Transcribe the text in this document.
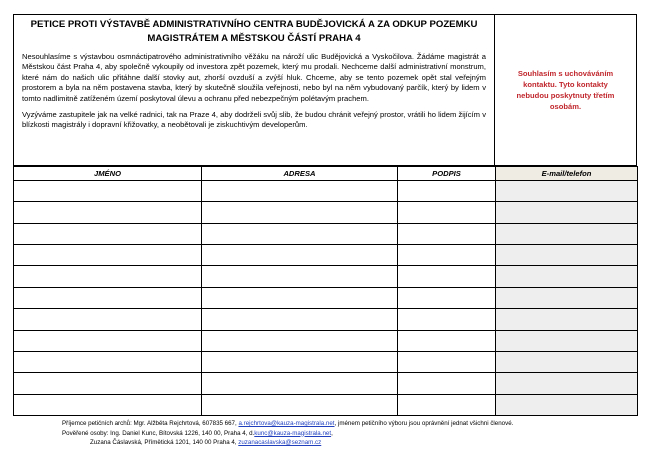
PETICE PROTI VÝSTAVBĚ ADMINISTRATIVNÍHO CENTRA BUDĚJOVICKÁ A ZA ODKUP POZEMKU
MAGISTRÁTEM A MĚSTSKOU ČÁSTÍ PRAHA 4

Nesouhlasíme s výstavbou osmnáctipatrového administrativního věžáku na nároží ulic Budějovická a Vyskočilova. Žádáme magistrát a Městskou část Praha 4, aby společně vykoupily od investora zpět pozemek, který mu prodali. Nechceme další administrativní monstrum, které nám do našich ulic přitáhne další stovky aut, zhorší ovzduší a zvýší hluk. Chceme, aby se tento pozemek opět stal veřejným prostorem a byla na něm postavena stavba, který by skutečně sloužila veřejnosti, nebo byl na něm vybudovaný parčík, který by lidem v tomto nadlimitně zatíženém území poskytoval úlevu a ochranu před nebezpečným polétavým prachem.

Vyzýváme zastupitele jak na velké radnici, tak na Praze 4, aby dodrželi svůj slib, že budou chránit veřejný prostor, vrátili ho lidem žijícím v blízkosti magistrály i dopravní křižovatky, a neobětovali je ziskuchtivým developerům.

Souhlasím s uchováváním kontaktu. Tyto kontakty nebudou poskytnuty třetím osobám.

JMÉNO	ADRESA	PODPIS	E-mail/telefon

Příjemce petičních archů: Mgr. Alžběta Rejchrtová, 607835 667, a.rejchrtova@kauza-magistrala.net, jménem petičního výboru jsou oprávnění jednat všichni členové.
Pověřené osoby: Ing. Daniel Kunc, Bítovská 1226, 140 00, Praha 4, d.kunc@kauza-magistrala.net,
Zuzana Čáslavská, Přímětická 1201, 140 00 Praha 4, zuzanacaslavska@seznam.cz
